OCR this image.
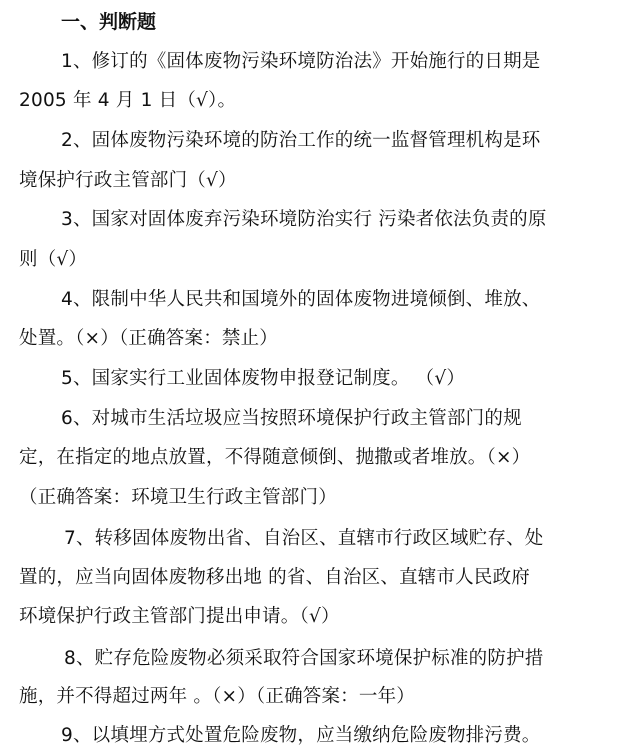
一、判断题
1、修订的《固体废物污染环境防治法》开始施行的日期是
2005 年 4 月 1 日（√）。
2、固体废物污染环境的防治工作的统一监督管理机构是环
境保护行政主管部门（√）
3、国家对固体废弃污染环境防治实行 污染者依法负责的原
则（√）
4、限制中华人民共和国境外的固体废物进境倾倒、堆放、
处置。（×）（正确答案：禁止）
5、国家实行工业固体废物申报登记制度。 （√）
6、对城市生活垃圾应当按照环境保护行政主管部门的规
定，在指定的地点放置，不得随意倾倒、抛撒或者堆放。（×）
（正确答案：环境卫生行政主管部门）
7、转移固体废物出省、自治区、直辖市行政区域贮存、处
置的，应当向固体废物移出地 的省、自治区、直辖市人民政府
环境保护行政主管部门提出申请。（√）
8、贮存危险废物必须采取符合国家环境保护标准的防护措
施，并不得超过两年 。（×）（正确答案：一年）
9、以填埋方式处置危险废物，应当缴纳危险废物排污费。
